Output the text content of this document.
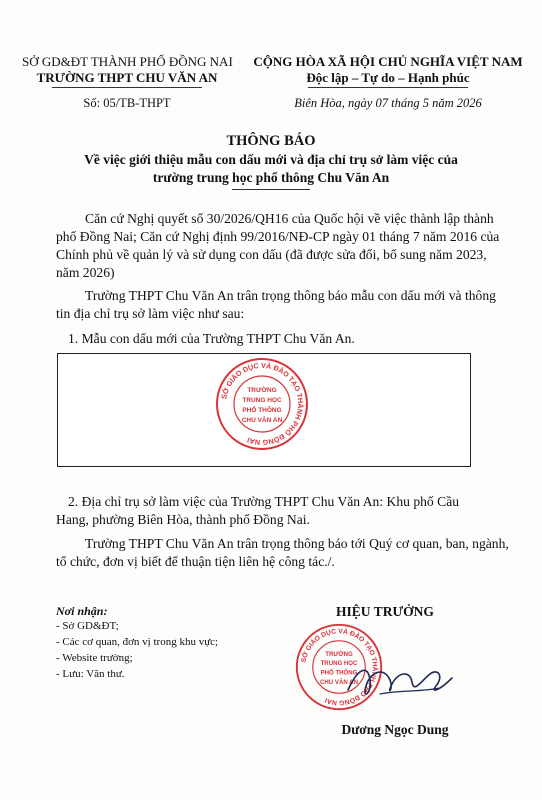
SỞ GD&ĐT THÀNH PHỐ ĐỒNG NAI
TRƯỜNG THPT CHU VĂN AN
Số: 05/TB-THPT
CỘNG HÒA XÃ HỘI CHỦ NGHĨA VIỆT NAM
Độc lập – Tự do – Hạnh phúc
Biên Hòa, ngày 07 tháng 5 năm 2026
THÔNG BÁO
Về việc giới thiệu mẫu con dấu mới và địa chỉ trụ sở làm việc của
trường trung học phổ thông Chu Văn An
Căn cứ Nghị quyết số 30/2026/QH16 của Quốc hội về việc thành lập thành
phố Đồng Nai; Căn cứ Nghị định 99/2016/NĐ-CP ngày 01 tháng 7 năm 2016 của
Chính phủ về quản lý và sử dụng con dấu (đã được sửa đổi, bổ sung năm 2023,
năm 2026)
Trường THPT Chu Văn An trân trọng thông báo mẫu con dấu mới và thông
tin địa chỉ trụ sở làm việc như sau:
1. Mẫu con dấu mới của Trường THPT Chu Văn An.
SỞ GIÁO DỤC VÀ ĐÀO TẠO THÀNH PHỐ ĐỒNG NAI
TRƯỜNG
TRUNG HỌC
PHỔ THÔNG
CHU VĂN AN
2. Địa chỉ trụ sở làm việc của Trường THPT Chu Văn An: Khu phố Cầu
Hang, phường Biên Hòa, thành phố Đồng Nai.
Trường THPT Chu Văn An trân trọng thông báo tới Quý cơ quan, ban, ngành,
tổ chức, đơn vị biết để thuận tiện liên hệ công tác./.
Nơi nhận:
- Sở GD&ĐT;
- Các cơ quan, đơn vị trong khu vực;
- Website trường;
- Lưu: Văn thư.
HIỆU TRƯỞNG
SỞ GIÁO DỤC VÀ ĐÀO TẠO THÀNH PHỐ ĐỒNG NAI
TRƯỜNG
TRUNG HỌC
PHỔ THÔNG
CHU VĂN AN
Dương Ngọc Dung
